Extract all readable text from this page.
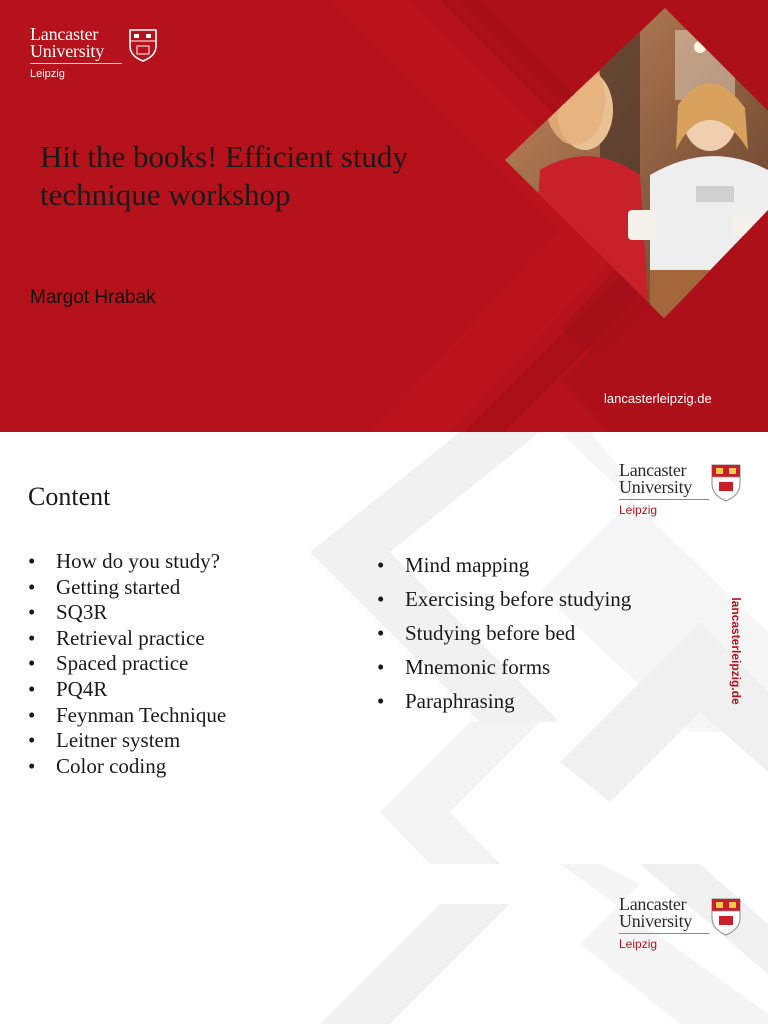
Lancaster
University
Leipzig
Hit the books! Efficient study technique workshop
Margot Hrabak
lancasterleipzig.de
Content
• How do you study?
• Getting started
• SQ3R
• Retrieval practice
• Spaced practice
• PQ4R
• Feynman Technique
• Leitner system
• Color coding
• Mind mapping
• Exercising before studying
• Studying before bed
• Mnemonic forms
• Paraphrasing
Lancaster
University
Leipzig
lancasterleipzig.de
Lancaster
University
Leipzig
